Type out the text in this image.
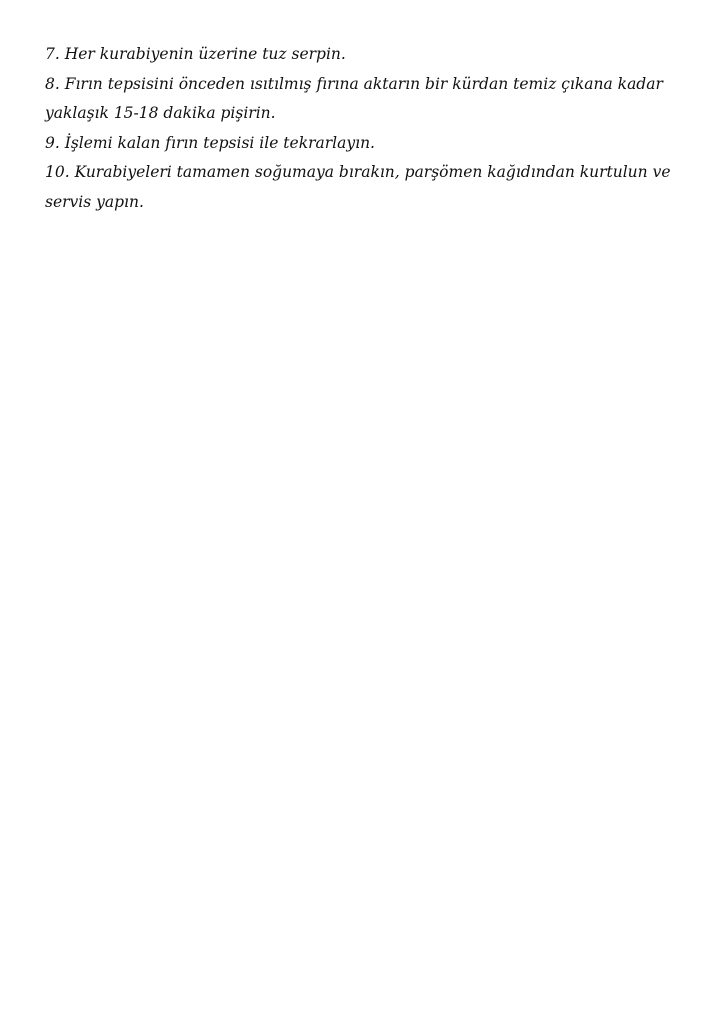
7. Her kurabiyenin üzerine tuz serpin.
8. Fırın tepsisini önceden ısıtılmış fırına aktarın bir kürdan temiz çıkana kadar
yaklaşık 15-18 dakika pişirin.
9. İşlemi kalan fırın tepsisi ile tekrarlayın.
10. Kurabiyeleri tamamen soğumaya bırakın, parşömen kağıdından kurtulun ve
servis yapın.
